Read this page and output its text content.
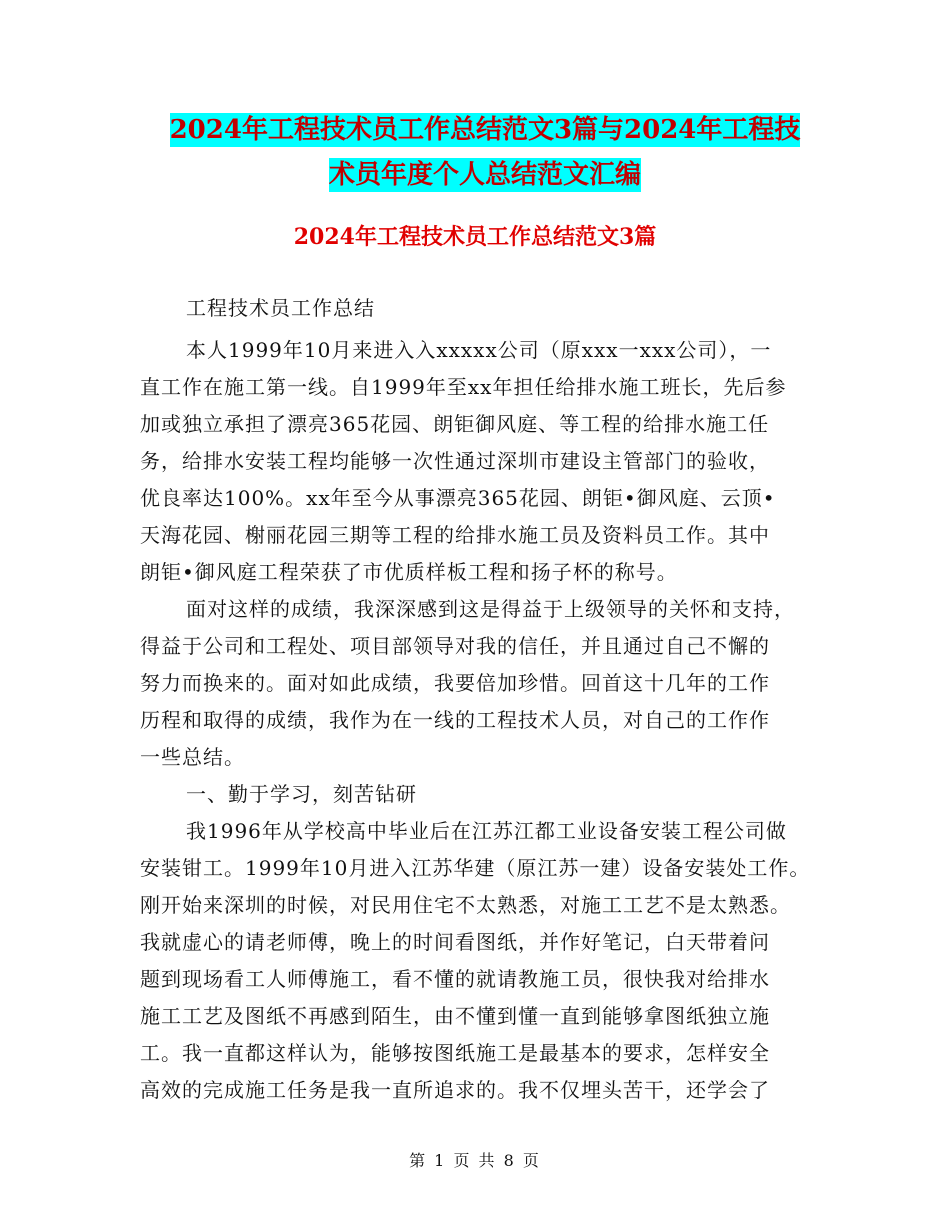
2024年工程技术员工作总结范文3篇与2024年工程技
术员年度个人总结范文汇编
2024年工程技术员工作总结范文3篇
工程技术员工作总结
本人1999年10月来进入入xxxxx公司（原xxx一xxx公司），一
直工作在施工第一线。自1999年至xx年担任给排水施工班长，先后参
加或独立承担了漂亮365花园、朗钜御风庭、等工程的给排水施工任
务，给排水安装工程均能够一次性通过深圳市建设主管部门的验收，
优良率达100%。xx年至今从事漂亮365花园、朗钜•御风庭、云顶•
天海花园、榭丽花园三期等工程的给排水施工员及资料员工作。其中
朗钜•御风庭工程荣获了市优质样板工程和扬子杯的称号。
面对这样的成绩，我深深感到这是得益于上级领导的关怀和支持，
得益于公司和工程处、项目部领导对我的信任，并且通过自己不懈的
努力而换来的。面对如此成绩，我要倍加珍惜。回首这十几年的工作
历程和取得的成绩，我作为在一线的工程技术人员，对自己的工作作
一些总结。
一、勤于学习，刻苦钻研
我1996年从学校高中毕业后在江苏江都工业设备安装工程公司做
安装钳工。1999年10月进入江苏华建（原江苏一建）设备安装处工作。
刚开始来深圳的时候，对民用住宅不太熟悉，对施工工艺不是太熟悉。
我就虚心的请老师傅，晚上的时间看图纸，并作好笔记，白天带着问
题到现场看工人师傅施工，看不懂的就请教施工员，很快我对给排水
施工工艺及图纸不再感到陌生，由不懂到懂一直到能够拿图纸独立施
工。我一直都这样认为，能够按图纸施工是最基本的要求，怎样安全
高效的完成施工任务是我一直所追求的。我不仅埋头苦干，还学会了
第 1 页 共 8 页
